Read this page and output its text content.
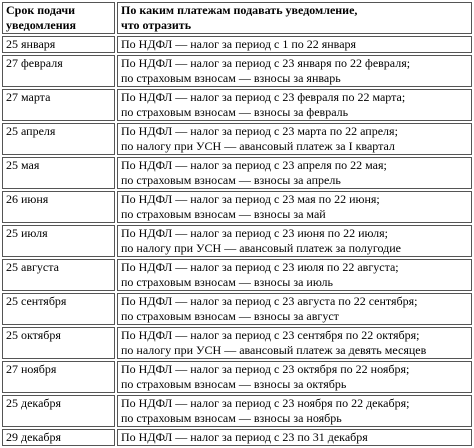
Срок подачи
уведомления	По каким платежам подавать уведомление,
что отразить

25 января	По НДФЛ — налог за период с 1 по 22 января

27 февраля	По НДФЛ — налог за период с 23 января по 22 февраля;
по страховым взносам — взносы за январь

27 марта	По НДФЛ — налог за период с 23 февраля по 22 марта;
по страховым взносам — взносы за февраль

25 апреля	По НДФЛ — налог за период с 23 марта по 22 апреля;
по налогу при УСН — авансовый платеж за I квартал

25 мая	По НДФЛ — налог за период с 23 апреля по 22 мая;
по страховым взносам — взносы за апрель

26 июня	По НДФЛ — налог за период с 23 мая по 22 июня;
по страховым взносам — взносы за май

25 июля	По НДФЛ — налог за период с 23 июня по 22 июля;
по налогу при УСН — авансовый платеж за полугодие

25 августа	По НДФЛ — налог за период с 23 июля по 22 августа;
по страховым взносам — взносы за июль

25 сентября	По НДФЛ — налог за период с 23 августа по 22 сентября;
по страховым взносам — взносы за август

25 октября	По НДФЛ — налог за период с 23 сентября по 22 октября;
по налогу при УСН — авансовый платеж за девять месяцев

27 ноября	По НДФЛ — налог за период с 23 октября по 22 ноября;
по страховым взносам — взносы за октябрь

25 декабря	По НДФЛ — налог за период с 23 ноября по 22 декабря;
по страховым взносам — взносы за ноябрь

29 декабря	По НДФЛ — налог за период с 23 по 31 декабря
